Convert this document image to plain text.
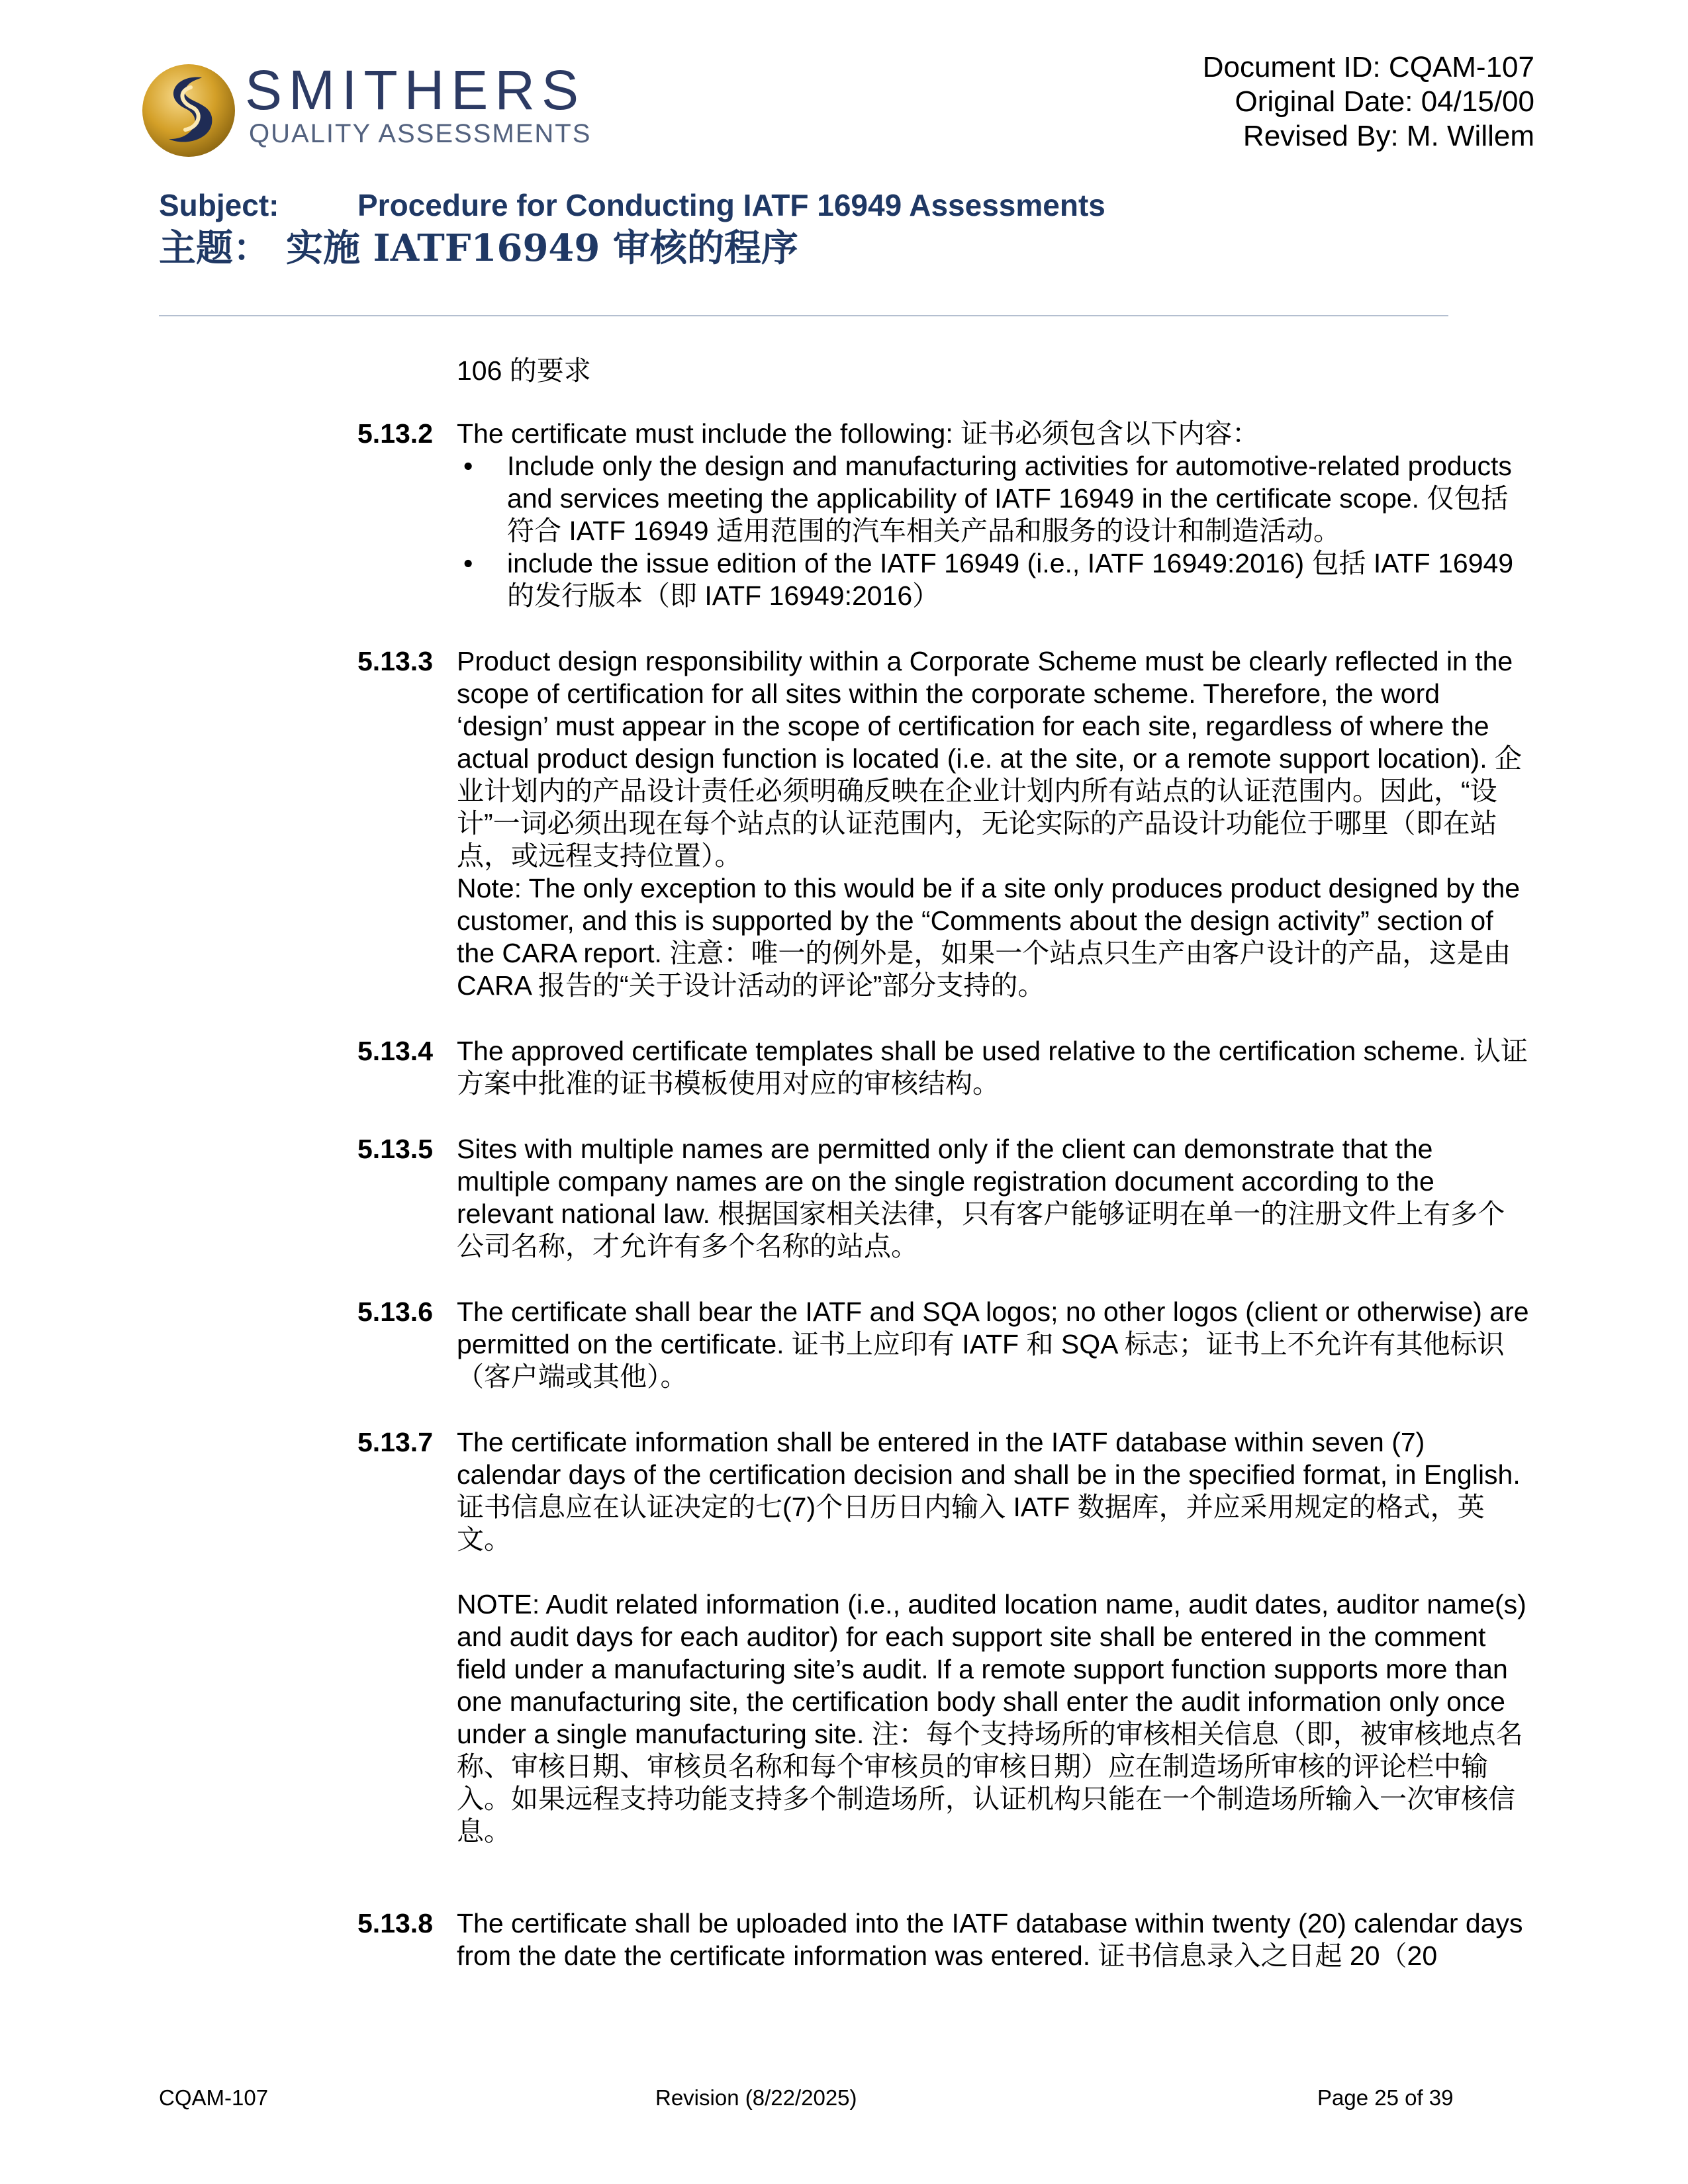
SMITHERS
QUALITY ASSESSMENTS
Document ID: CQAM-107
Original Date: 04/15/00
Revised By: M. Willem
Subject:	Procedure for Conducting IATF 16949 Assessments
主题： 实施 IATF16949 审核的程序
106 的要求
5.13.2 The certificate must include the following: 证书必须包含以下内容：

• Include only the design and manufacturing activities for automotive-related products and services meeting the applicability of IATF 16949 in the certificate scope. 仅包括符合 IATF 16949 适用范围的汽车相关产品和服务的设计和制造活动。
• include the issue edition of the IATF 16949 (i.e., IATF 16949:2016) 包括 IATF 16949 的发行版本（即 IATF 16949:2016）
5.13.3 Product design responsibility within a Corporate Scheme must be clearly reflected in the scope of certification for all sites within the corporate scheme. Therefore, the word ‘design’ must appear in the scope of certification for each site, regardless of where the actual product design function is located (i.e. at the site, or a remote support location). 企业计划内的产品设计责任必须明确反映在企业计划内所有站点的认证范围内。因此，“设计”一词必须出现在每个站点的认证范围内，无论实际的产品设计功能位于哪里（即在站点，或远程支持位置）。

Note: The only exception to this would be if a site only produces product designed by the customer, and this is supported by the “Comments about the design activity” section of the CARA report. 注意：唯一的例外是，如果一个站点只生产由客户设计的产品，这是由 CARA 报告的“关于设计活动的评论”部分支持的。

5.13.4 The approved certificate templates shall be used relative to the certification scheme. 认证方案中批准的证书模板使用对应的审核结构。

5.13.5 Sites with multiple names are permitted only if the client can demonstrate that the multiple company names are on the single registration document according to the relevant national law. 根据国家相关法律，只有客户能够证明在单一的注册文件上有多个公司名称，才允许有多个名称的站点。

5.13.6 The certificate shall bear the IATF and SQA logos; no other logos (client or otherwise) are permitted on the certificate. 证书上应印有 IATF 和 SQA 标志；证书上不允许有其他标识（客户端或其他）。

5.13.7 The certificate information shall be entered in the IATF database within seven (7) calendar days of the certification decision and shall be in the specified format, in English. 证书信息应在认证决定的七(7)个日历日内输入 IATF 数据库，并应采用规定的格式，英文。

NOTE: Audit related information (i.e., audited location name, audit dates, auditor name(s) and audit days for each auditor) for each support site shall be entered in the comment field under a manufacturing site’s audit. If a remote support function supports more than one manufacturing site, the certification body shall enter the audit information only once under a single manufacturing site. 注：每个支持场所的审核相关信息（即，被审核地点名称、审核日期、审核员名称和每个审核员的审核日期）应在制造场所审核的评论栏中输入。如果远程支持功能支持多个制造场所，认证机构只能在一个制造场所输入一次审核信息。

5.13.8 The certificate shall be uploaded into the IATF database within twenty (20) calendar days from the date the certificate information was entered. 证书信息录入之日起 20（20

CQAM-107	Revision (8/22/2025)	Page 25 of 39
